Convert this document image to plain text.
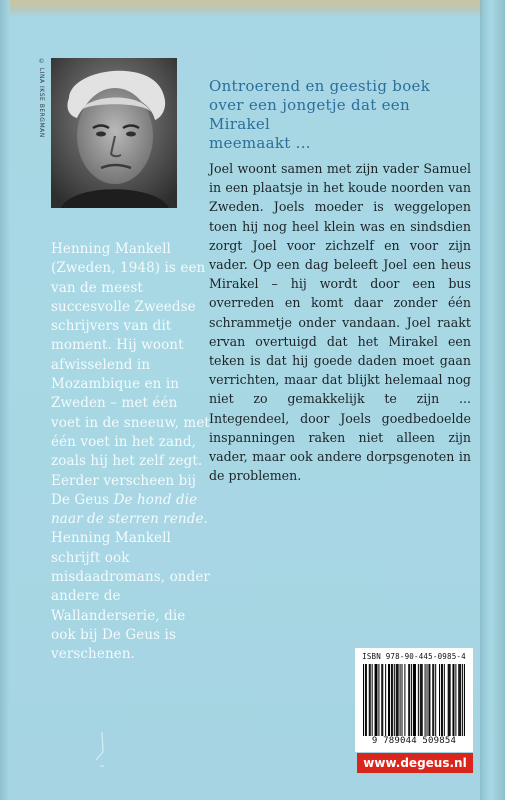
© LINA IKSE BERGMAN	Ontroerend en geestig boek

over een jongetje dat een Mirakel

meemaakt ...

Joel woont samen met zijn vader Samuel in een plaatsje in het koude noorden van Zweden. Joels moeder is weggelopen toen hij nog heel klein was en sindsdien zorgt Joel voor zichzelf en voor zijn vader. Op een dag beleeft Joel een heus Mirakel – hij wordt door een bus overreden en komt daar zonder één schrammetje onder vandaan. Joel raakt ervan overtuigd dat het Mirakel een teken is dat hij goede daden moet gaan verrichten, maar dat blijkt helemaal nog niet zo gemakkelijk te zijn ... Integendeel, door Joels goedbedoelde inspanningen raken niet alleen zijn vader, maar ook andere dorpsgenoten in de problemen.

Henning Mankell (Zweden, 1948) is een van de meest succesvolle Zweedse schrijvers van dit moment. Hij woont afwisselend in Mozambique en in Zweden – met één voet in de sneeuw, met één voet in het zand, zoals hij het zelf zegt.

Eerder verscheen bij De Geus De hond die naar de sterren rende.

Henning Mankell schrijft ook misdaadromans, onder andere de Wallanderserie, die ook bij De Geus is verschenen.	ISBN 978-90-445-0985-4
9 789044 509854
www.degeus.nl
